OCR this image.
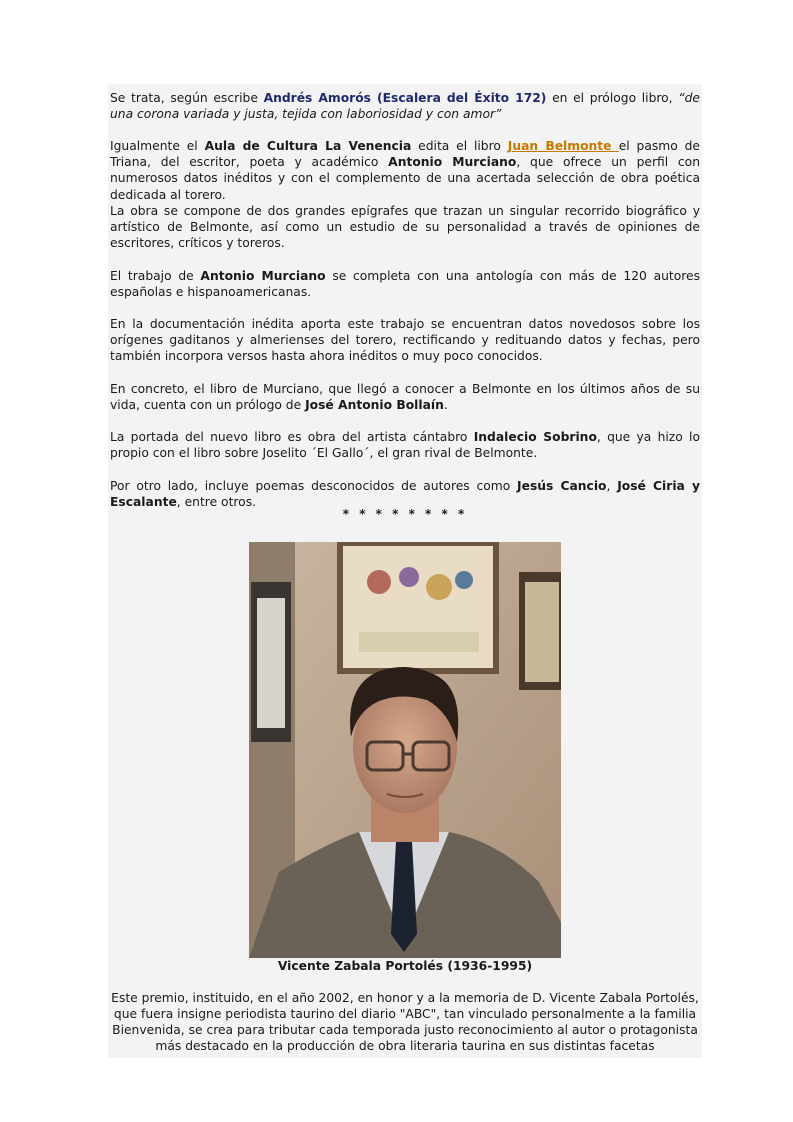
Se trata, según escribe Andrés Amorós (Escalera del Éxito 172) en el prólogo libro, “de una corona variada y justa, tejida con laboriosidad y con amor”

Igualmente el Aula de Cultura La Venencia edita el libro Juan Belmonte el pasmo de Triana, del escritor, poeta y académico Antonio Murciano, que ofrece un perfil con numerosos datos inéditos y con el complemento de una acertada selección de obra poética dedicada al torero.

La obra se compone de dos grandes epígrafes que trazan un singular recorrido biográfico y artístico de Belmonte, así como un estudio de su personalidad a través de opiniones de escritores, críticos y toreros.

El trabajo de Antonio Murciano se completa con una antología con más de 120 autores españolas e hispanoamericanas.

En la documentación inédita aporta este trabajo se encuentran datos novedosos sobre los orígenes gaditanos y almerienses del torero, rectificando y redituando datos y fechas, pero también incorpora versos hasta ahora inéditos o muy poco conocidos.

En concreto, el libro de Murciano, que llegó a conocer a Belmonte en los últimos años de su vida, cuenta con un prólogo de José Antonio Bollaín.

La portada del nuevo libro es obra del artista cántabro Indalecio Sobrino, que ya hizo lo propio con el libro sobre Joselito ´El Gallo´, el gran rival de Belmonte.

Por otro lado, incluye poemas desconocidos de autores como Jesús Cancio, José Ciria y Escalante, entre otros.

* * * * * * * *
Vicente Zabala Portolés (1936-1995)

Este premio, instituido, en el año 2002, en honor y a la memoria de D. Vicente Zabala Portolés, que fuera insigne periodista taurino del diario "ABC", tan vinculado personalmente a la familia Bienvenida, se crea para tributar cada temporada justo reconocimiento al autor o protagonista más destacado en la producción de obra literaria taurina en sus distintas facetas
